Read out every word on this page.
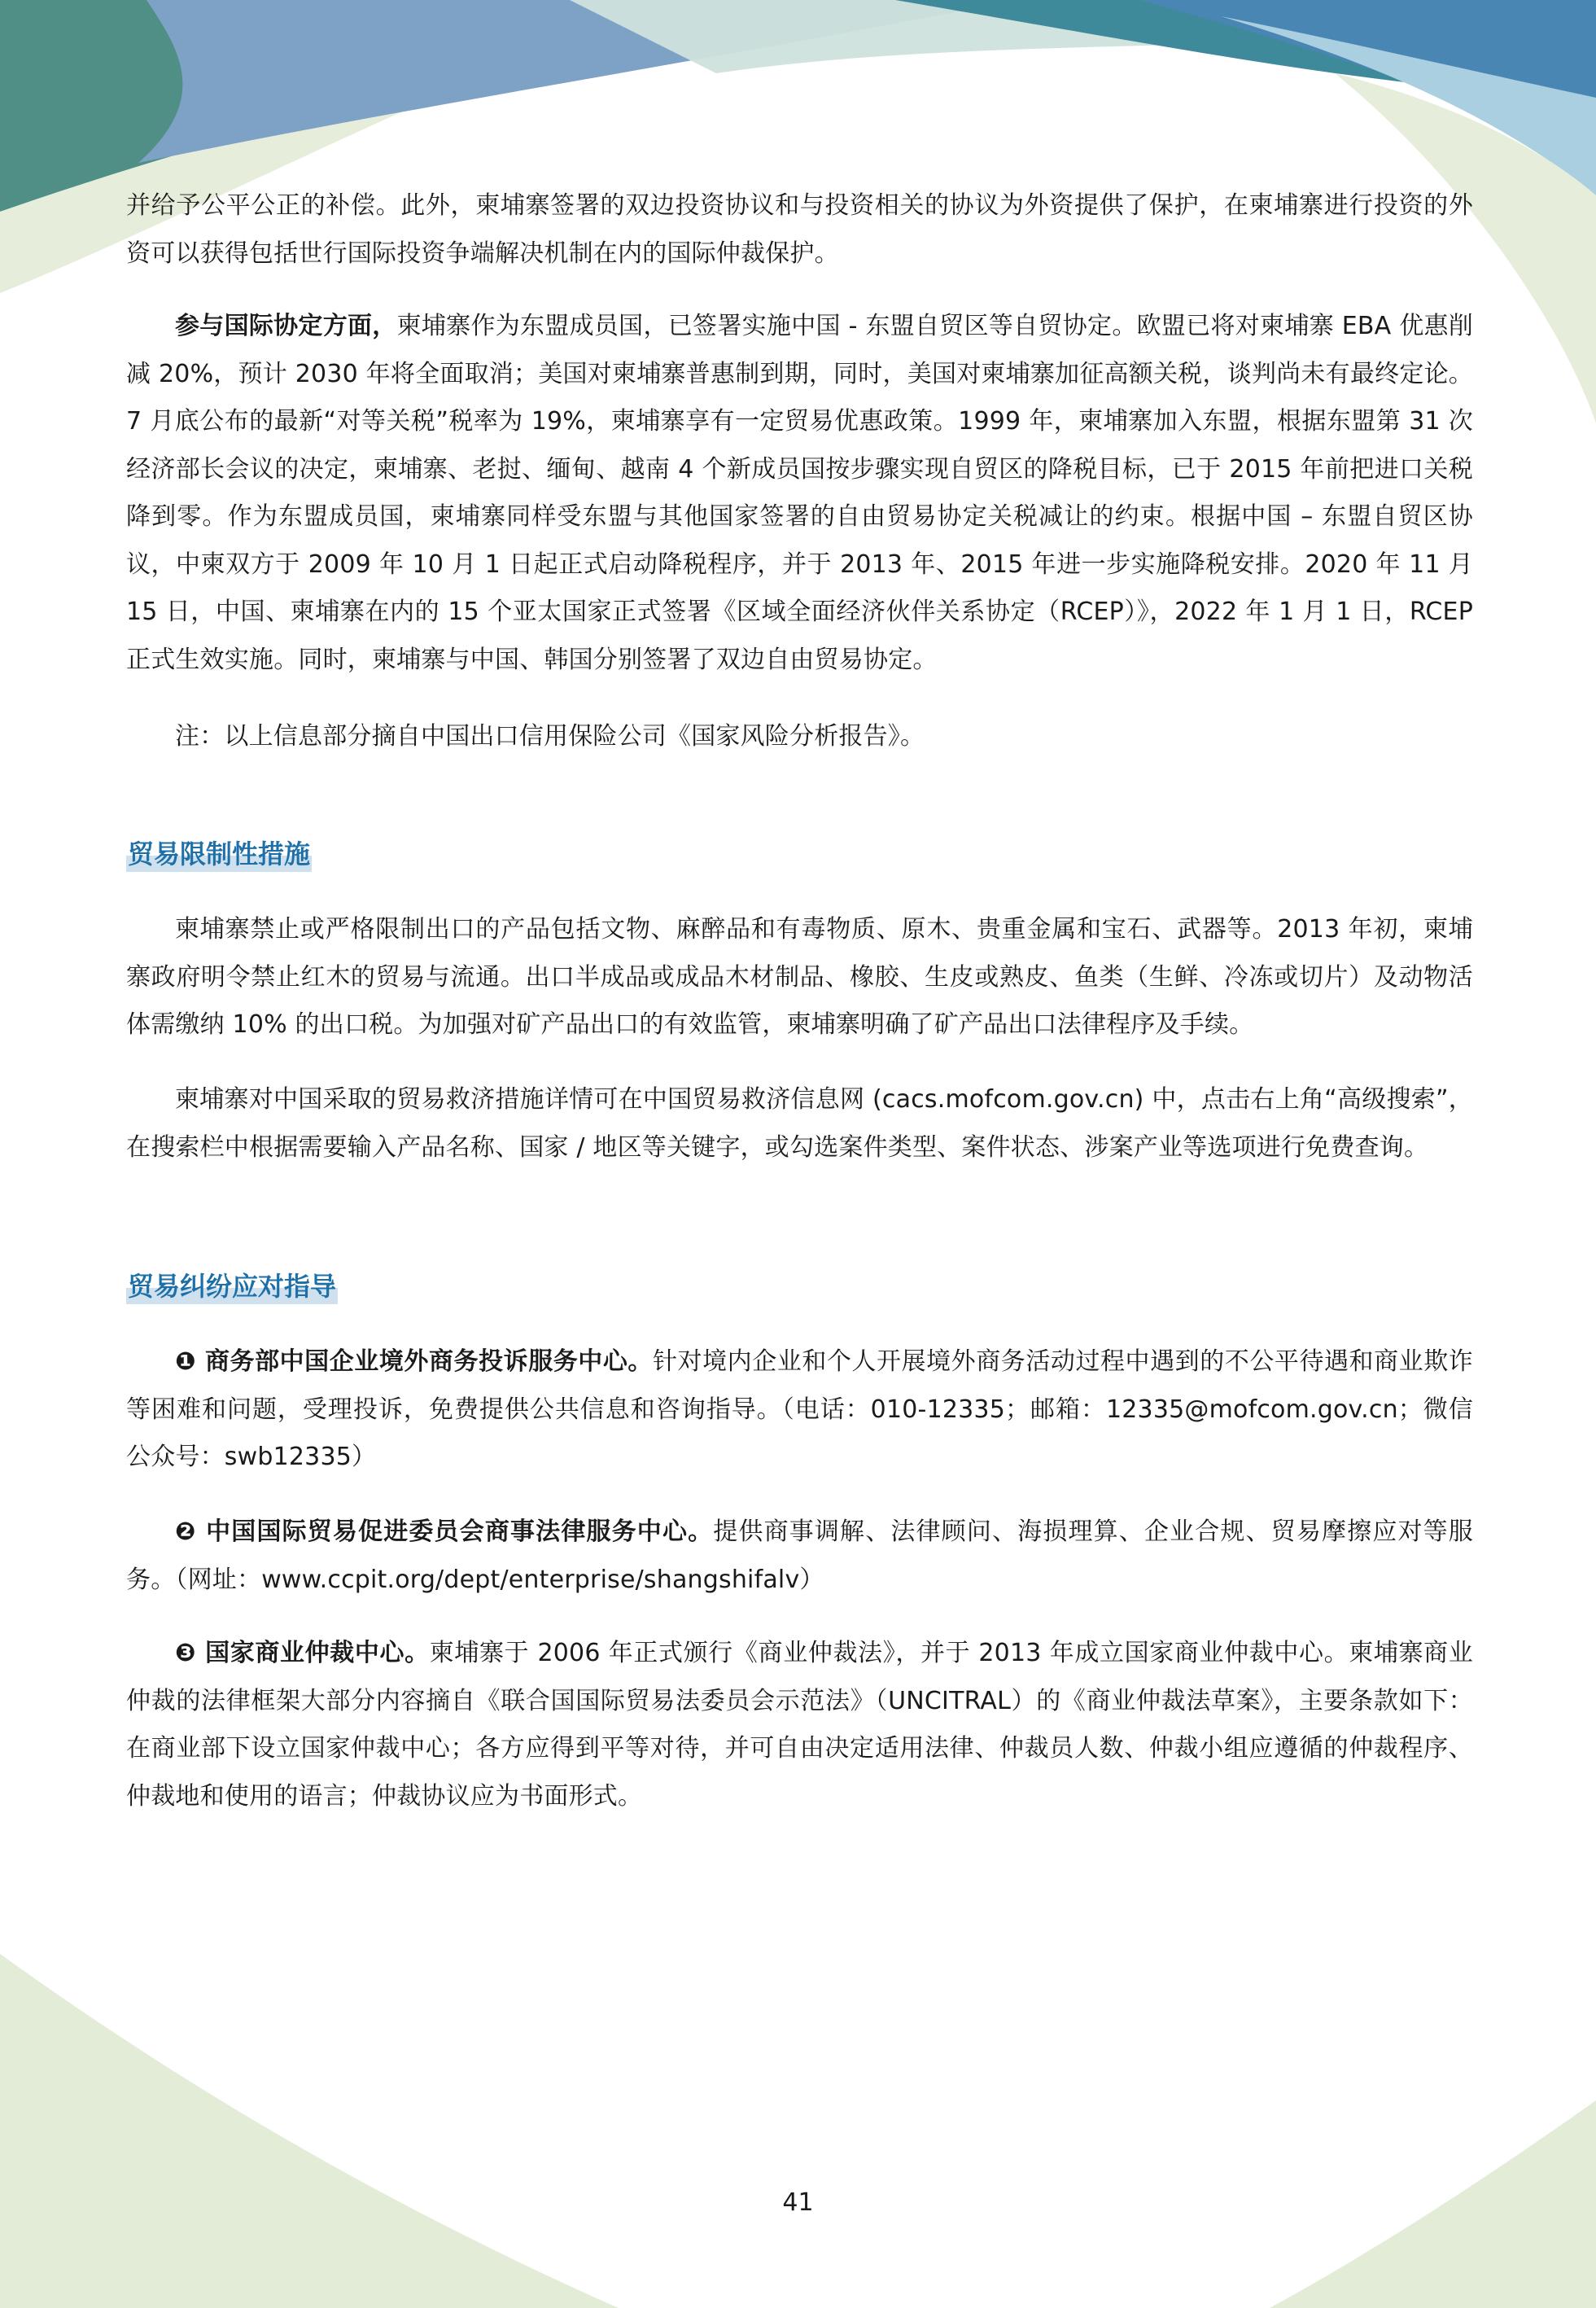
并给予公平公正的补偿。此外，柬埔寨签署的双边投资协议和与投资相关的协议为外资提供了保护，在柬埔寨进行投资的外资可以获得包括世行国际投资争端解决机制在内的国际仲裁保护。

参与国际协定方面，柬埔寨作为东盟成员国，已签署实施中国 - 东盟自贸区等自贸协定。欧盟已将对柬埔寨 EBA 优惠削减 20%，预计 2030 年将全面取消；美国对柬埔寨普惠制到期，同时，美国对柬埔寨加征高额关税，谈判尚未有最终定论。7 月底公布的最新“对等关税”税率为 19%，柬埔寨享有一定贸易优惠政策。1999 年，柬埔寨加入东盟，根据东盟第 31 次经济部长会议的决定，柬埔寨、老挝、缅甸、越南 4 个新成员国按步骤实现自贸区的降税目标，已于 2015 年前把进口关税降到零。作为东盟成员国，柬埔寨同样受东盟与其他国家签署的自由贸易协定关税减让的约束。根据中国 – 东盟自贸区协议，中柬双方于 2009 年 10 月 1 日起正式启动降税程序，并于 2013 年、2015 年进一步实施降税安排。2020 年 11 月 15 日，中国、柬埔寨在内的 15 个亚太国家正式签署《区域全面经济伙伴关系协定（RCEP）》，2022 年 1 月 1 日，RCEP 正式生效实施。同时，柬埔寨与中国、韩国分别签署了双边自由贸易协定。

注：以上信息部分摘自中国出口信用保险公司《国家风险分析报告》。

贸易限制性措施

柬埔寨禁止或严格限制出口的产品包括文物、麻醉品和有毒物质、原木、贵重金属和宝石、武器等。2013 年初，柬埔寨政府明令禁止红木的贸易与流通。出口半成品或成品木材制品、橡胶、生皮或熟皮、鱼类（生鲜、冷冻或切片）及动物活体需缴纳 10% 的出口税。为加强对矿产品出口的有效监管，柬埔寨明确了矿产品出口法律程序及手续。

柬埔寨对中国采取的贸易救济措施详情可在中国贸易救济信息网 (cacs.mofcom.gov.cn) 中，点击右上角“高级搜索”，在搜索栏中根据需要输入产品名称、国家 / 地区等关键字，或勾选案件类型、案件状态、涉案产业等选项进行免费查询。

贸易纠纷应对指导

❶ 商务部中国企业境外商务投诉服务中心。针对境内企业和个人开展境外商务活动过程中遇到的不公平待遇和商业欺诈等困难和问题，受理投诉，免费提供公共信息和咨询指导。（电话：010-12335；邮箱：12335@mofcom.gov.cn；微信公众号：swb12335）

❷ 中国国际贸易促进委员会商事法律服务中心。提供商事调解、法律顾问、海损理算、企业合规、贸易摩擦应对等服务。（网址：www.ccpit.org/dept/enterprise/shangshifalv）

❸ 国家商业仲裁中心。柬埔寨于 2006 年正式颁行《商业仲裁法》，并于 2013 年成立国家商业仲裁中心。柬埔寨商业仲裁的法律框架大部分内容摘自《联合国国际贸易法委员会示范法》（UNCITRAL）的《商业仲裁法草案》，主要条款如下：在商业部下设立国家仲裁中心；各方应得到平等对待，并可自由决定适用法律、仲裁员人数、仲裁小组应遵循的仲裁程序、仲裁地和使用的语言；仲裁协议应为书面形式。

41
